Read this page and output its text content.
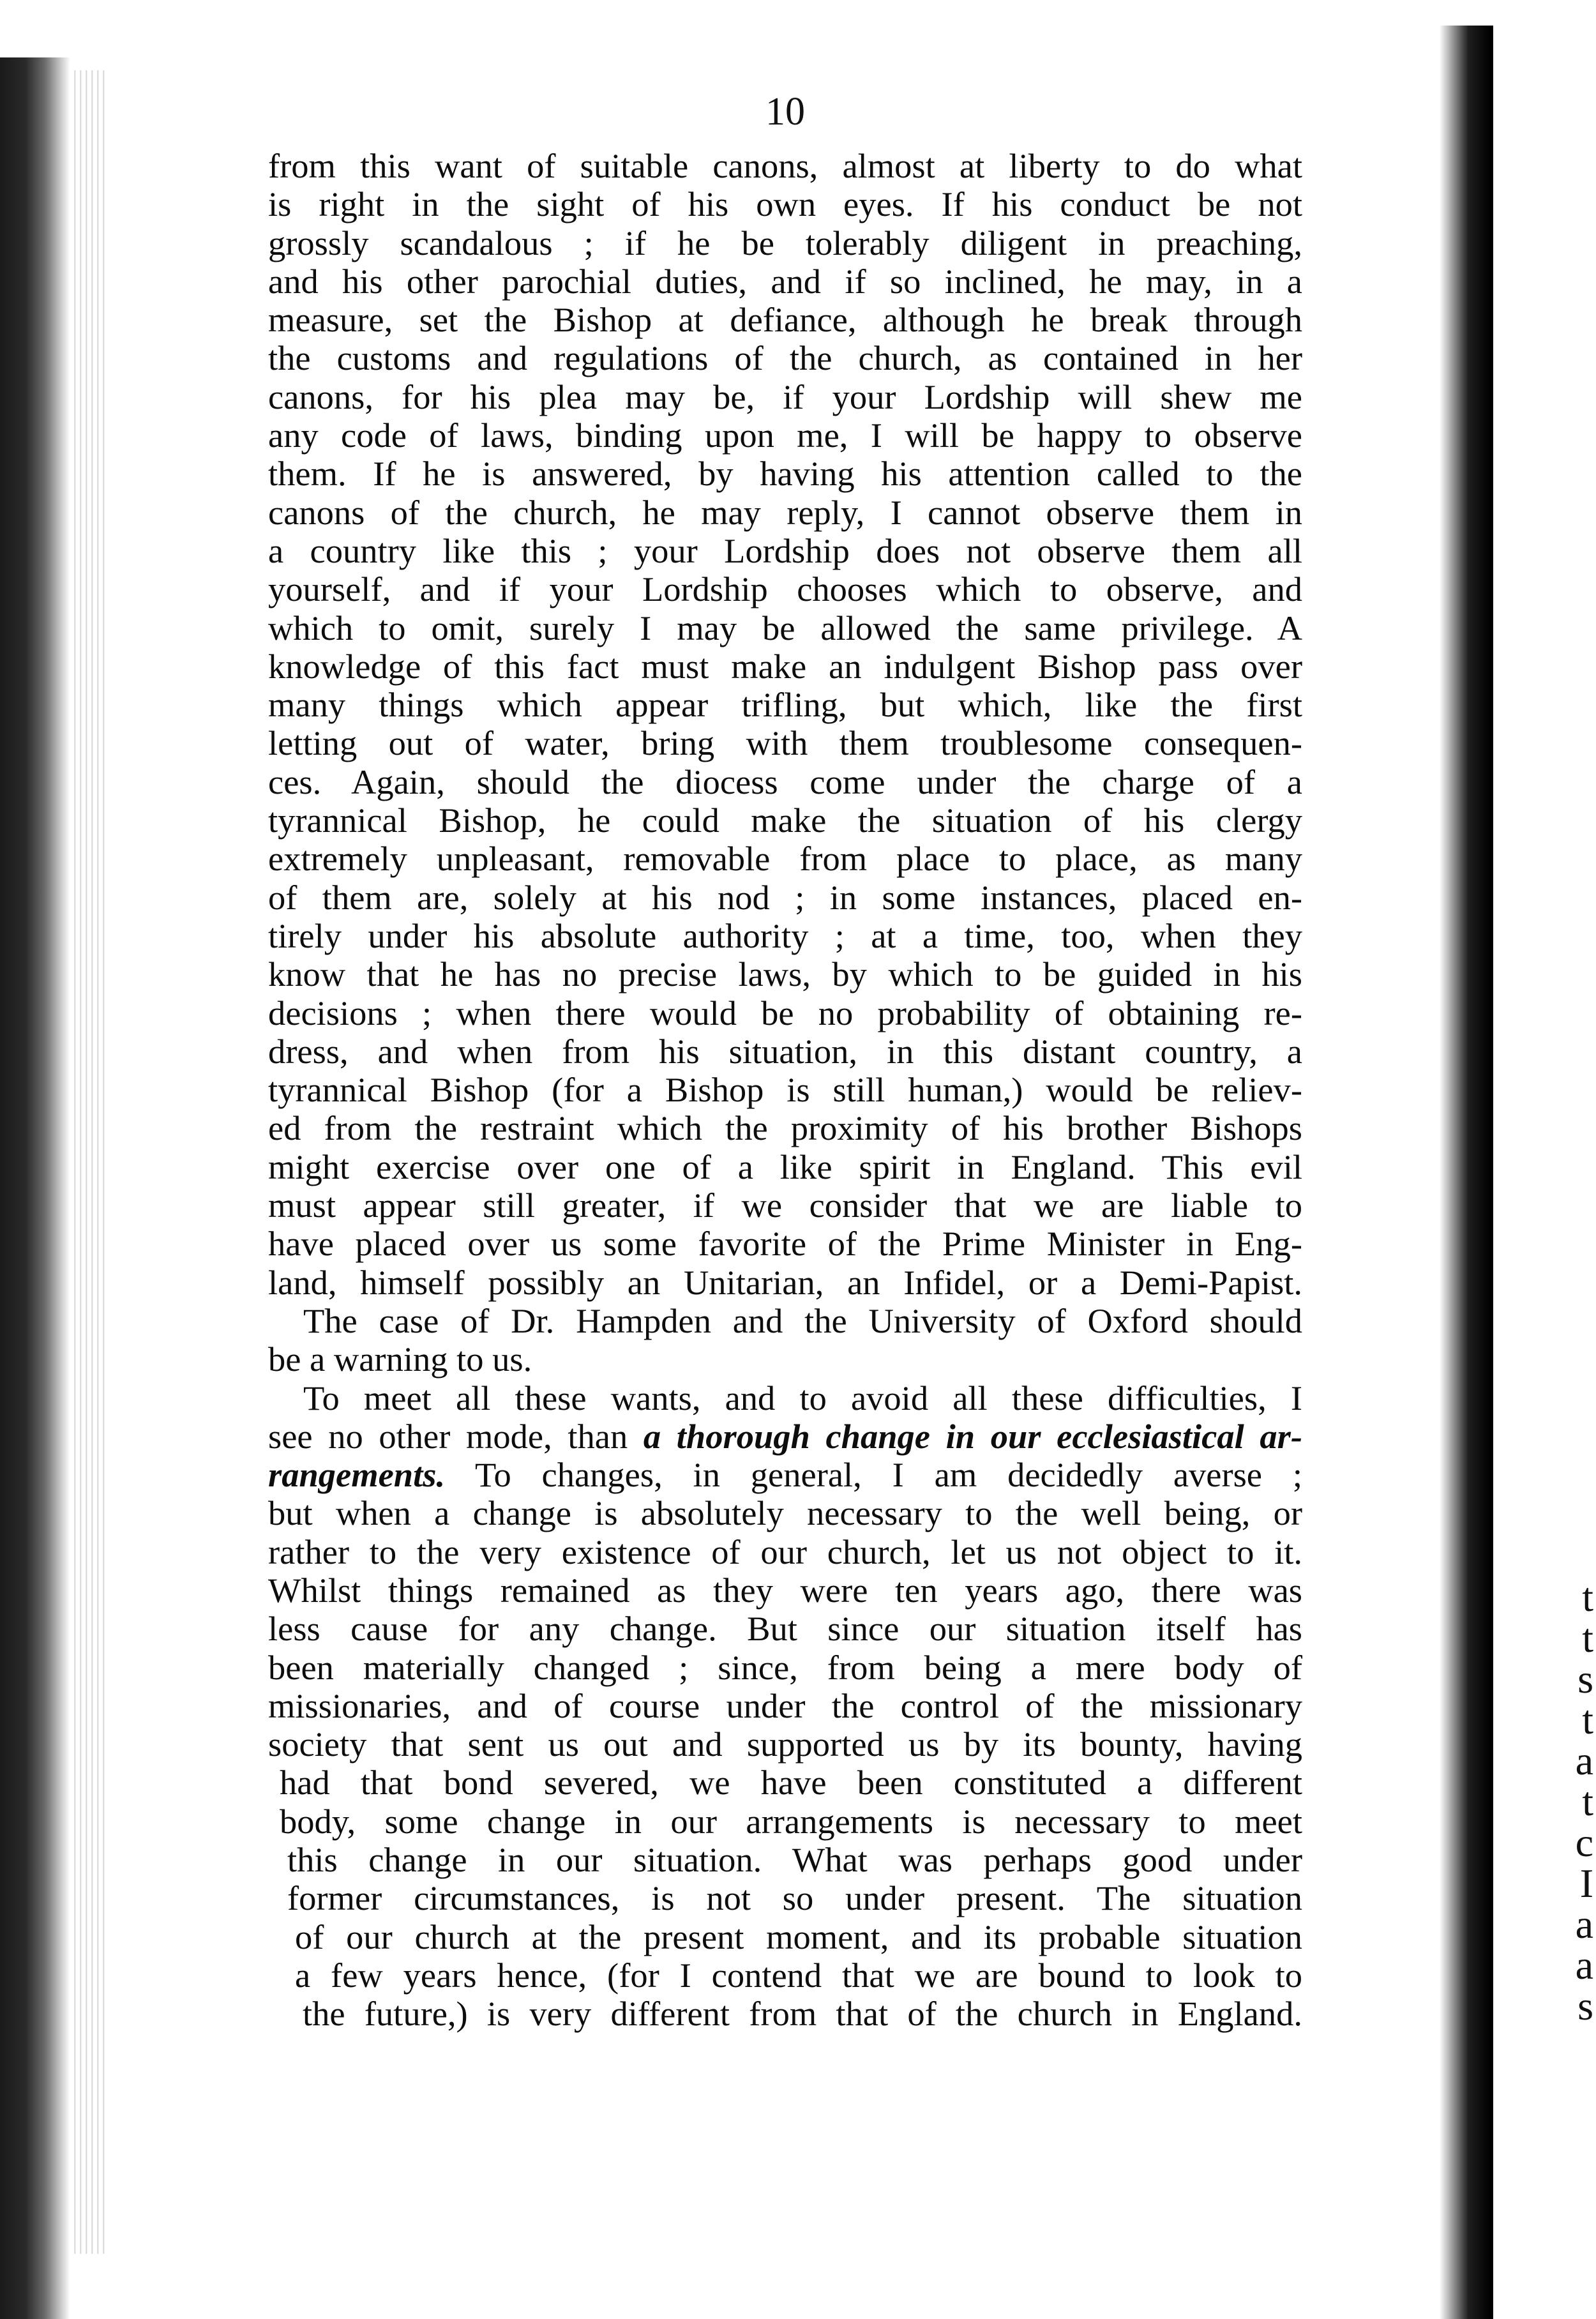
t
t
s
t
a
t
c
I
a
a
s
10
from this want of suitable canons, almost at liberty to do what
is right in the sight of his own eyes. If his conduct be not
grossly scandalous ; if he be tolerably diligent in preaching,
and his other parochial duties, and if so inclined, he may, in a
measure, set the Bishop at defiance, although he break through
the customs and regulations of the church, as contained in her
canons, for his plea may be, if your Lordship will shew me
any code of laws, binding upon me, I will be happy to observe
them. If he is answered, by having his attention called to the
canons of the church, he may reply, I cannot observe them in
a country like this ; your Lordship does not observe them all
yourself, and if your Lordship chooses which to observe, and
which to omit, surely I may be allowed the same privilege. A
knowledge of this fact must make an indulgent Bishop pass over
many things which appear trifling, but which, like the first
letting out of water, bring with them troublesome consequen-
ces. Again, should the diocess come under the charge of a
tyrannical Bishop, he could make the situation of his clergy
extremely unpleasant, removable from place to place, as many
of them are, solely at his nod ; in some instances, placed en-
tirely under his absolute authority ; at a time, too, when they
know that he has no precise laws, by which to be guided in his
decisions ; when there would be no probability of obtaining re-
dress, and when from his situation, in this distant country, a
tyrannical Bishop (for a Bishop is still human,) would be reliev-
ed from the restraint which the proximity of his brother Bishops
might exercise over one of a like spirit in England. This evil
must appear still greater, if we consider that we are liable to
have placed over us some favorite of the Prime Minister in Eng-
land, himself possibly an Unitarian, an Infidel, or a Demi-Papist.
The case of Dr. Hampden and the University of Oxford should
be a warning to us.
To meet all these wants, and to avoid all these difficulties, I
see no other mode, than a thorough change in our ecclesiastical ar-
rangements. To changes, in general, I am decidedly averse ;
but when a change is absolutely necessary to the well being, or
rather to the very existence of our church, let us not object to it.
Whilst things remained as they were ten years ago, there was
less cause for any change. But since our situation itself has
been materially changed ; since, from being a mere body of
missionaries, and of course under the control of the missionary
society that sent us out and supported us by its bounty, having
had that bond severed, we have been constituted a different
body, some change in our arrangements is necessary to meet
this change in our situation. What was perhaps good under
former circumstances, is not so under present. The situation
of our church at the present moment, and its probable situation
a few years hence, (for I contend that we are bound to look to
the future,) is very different from that of the church in England.
